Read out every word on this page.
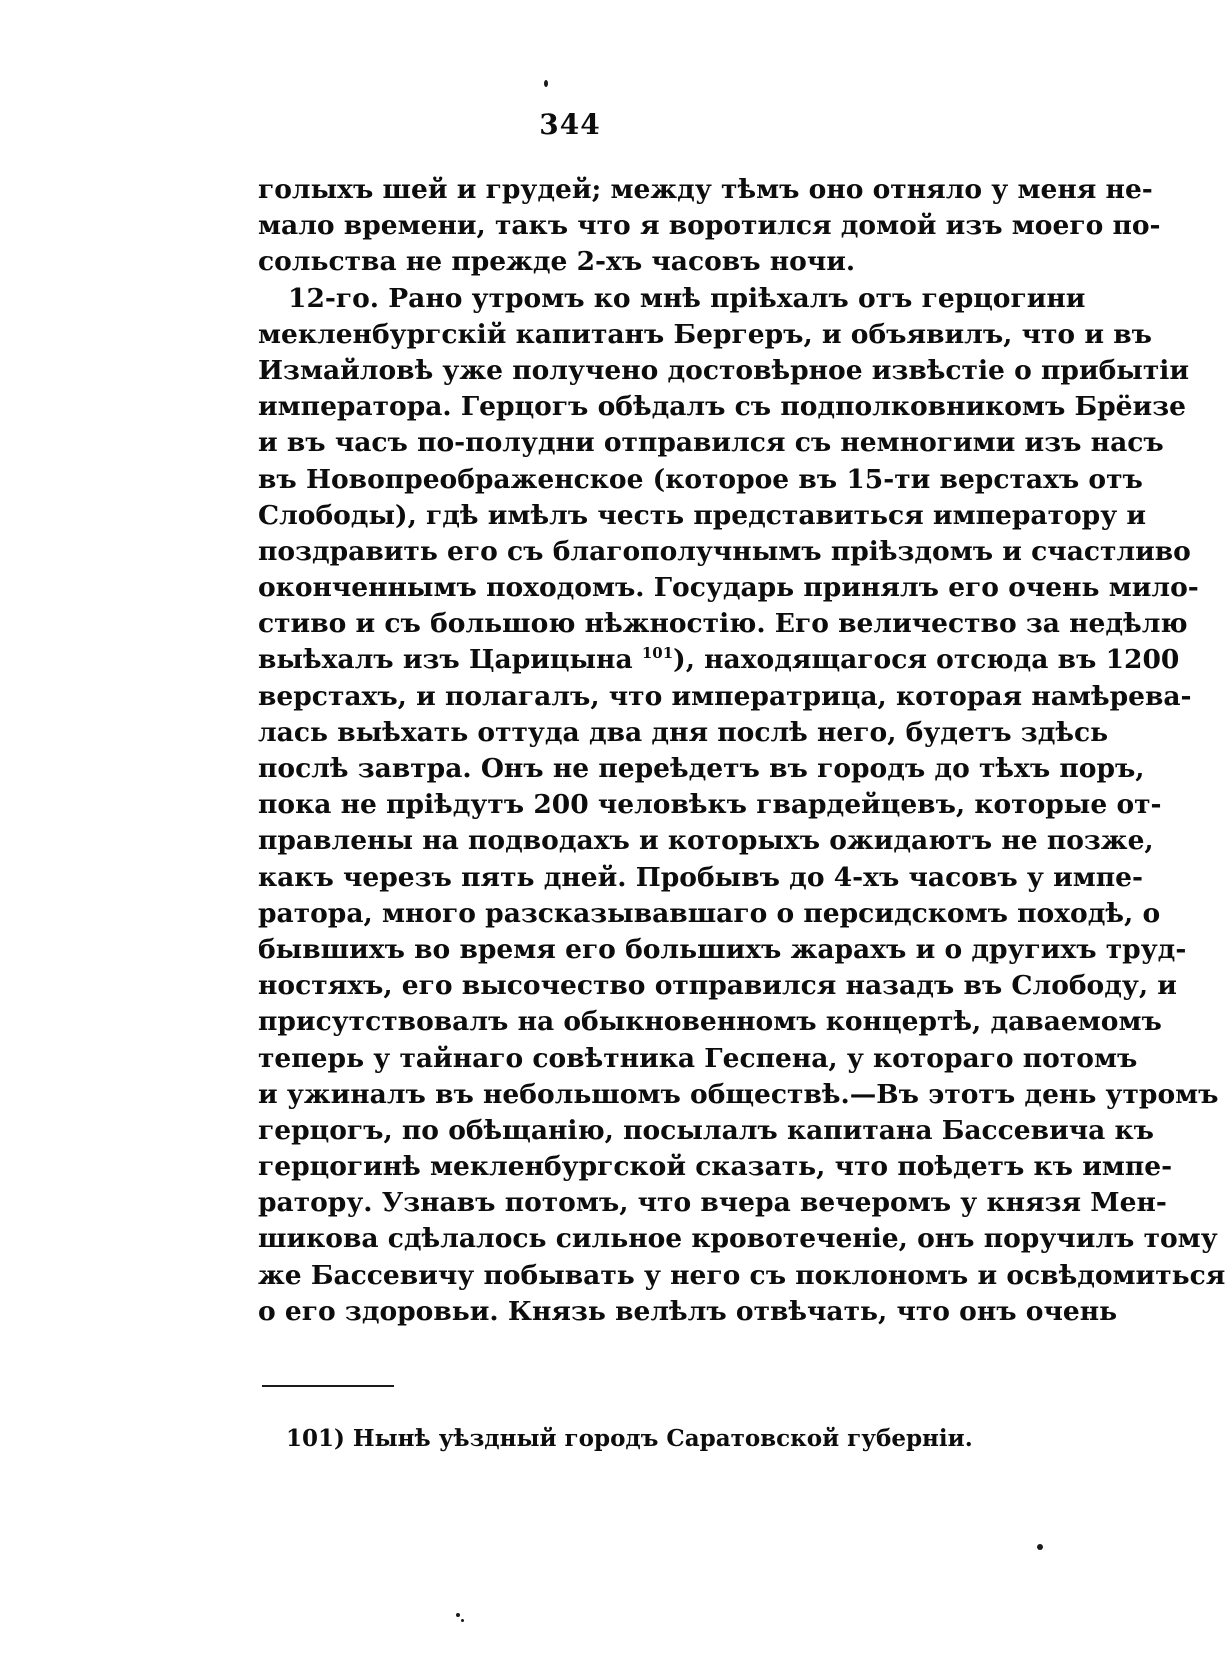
344
голыхъ шей и грудей; между тѣмъ оно отняло у меня не-
мало времени, такъ что я воротился домой изъ моего по-
сольства не прежде 2-хъ часовъ ночи.
12-го. Рано утромъ ко мнѣ пріѣхалъ отъ герцогини
мекленбургскій капитанъ Бергеръ, и объявилъ, что и въ
Измайловѣ уже получено достовѣрное извѣстіе о прибытіи
императора. Герцогъ обѣдалъ съ подполковникомъ Брёизе
и въ часъ по-полудни отправился съ немногими изъ насъ
въ Новопреображенское (которое въ 15-ти верстахъ отъ
Слободы), гдѣ имѣлъ честь представиться императору и
поздравить его съ благополучнымъ пріѣздомъ и счастливо
оконченнымъ походомъ. Государь принялъ его очень мило-
стиво и съ большою нѣжностію. Его величество за недѣлю
выѣхалъ изъ Царицына $^{101}$), находящагося отсюда въ 1200
верстахъ, и полагалъ, что императрица, которая намѣрева-
лась выѣхать оттуда два дня послѣ него, будетъ здѣсь
послѣ завтра. Онъ не переѣдетъ въ городъ до тѣхъ поръ,
пока не пріѣдутъ 200 человѣкъ гвардейцевъ, которые от-
правлены на подводахъ и которыхъ ожидаютъ не позже,
какъ черезъ пять дней. Пробывъ до 4-хъ часовъ у импе-
ратора, много разсказывавшаго о персидскомъ походѣ, о
бывшихъ во время его большихъ жарахъ и о другихъ труд-
ностяхъ, его высочество отправился назадъ въ Слободу, и
присутствовалъ на обыкновенномъ концертѣ, даваемомъ
теперь у тайнаго совѣтника Геспена, у котораго потомъ
и ужиналъ въ небольшомъ обществѣ.—Въ этотъ день утромъ
герцогъ, по обѣщанію, посылалъ капитана Бассевича къ
герцогинѣ мекленбургской сказать, что поѣдетъ къ импе-
ратору. Узнавъ потомъ, что вчера вечеромъ у князя Мен-
шикова сдѣлалось сильное кровотеченіе, онъ поручилъ тому
же Бассевичу побывать у него съ поклономъ и освѣдомиться
о его здоровьи. Князь велѣлъ отвѣчать, что онъ очень
101) Нынѣ уѣздный городъ Саратовской губерніи.
